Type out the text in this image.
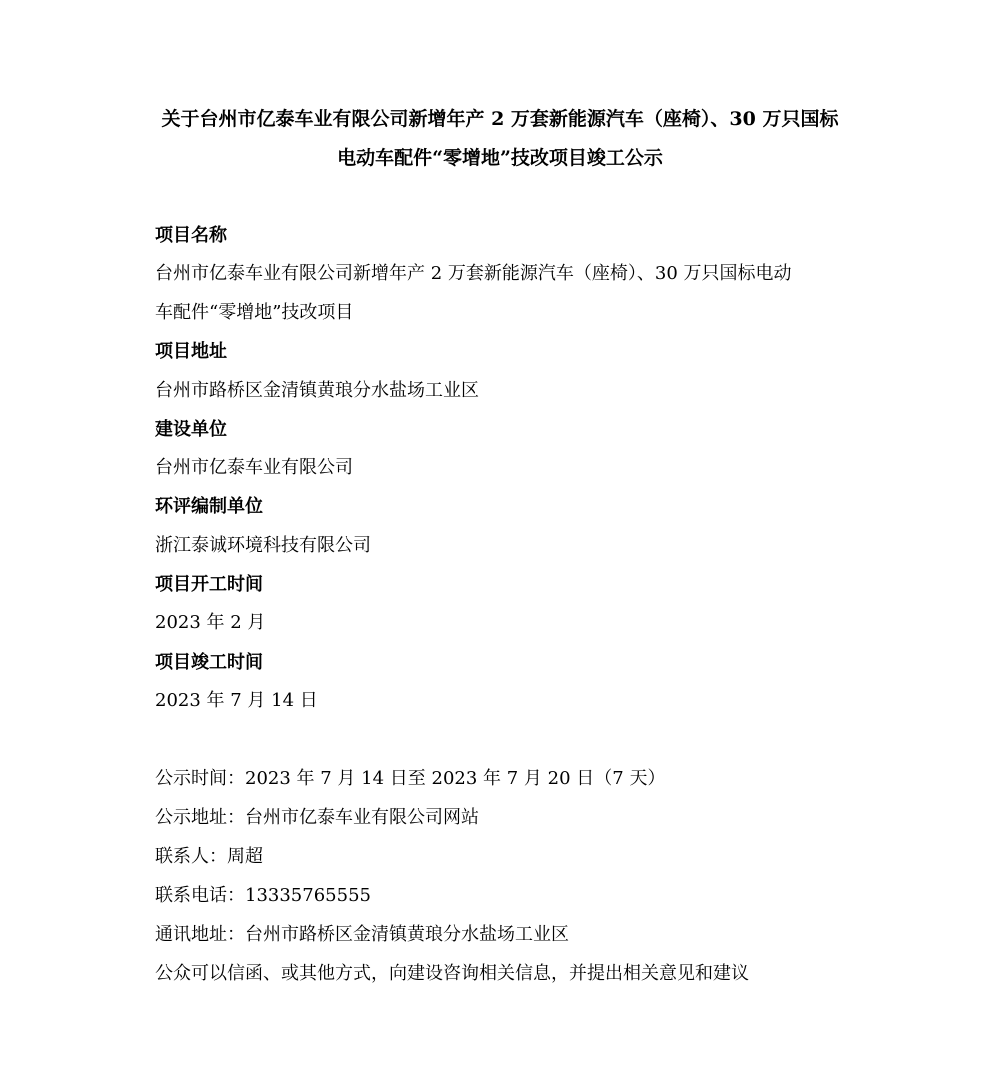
关于台州市亿泰车业有限公司新增年产 2 万套新能源汽车（座椅）、30 万只国标
电动车配件“零增地”技改项目竣工公示
项目名称
台州市亿泰车业有限公司新增年产 2 万套新能源汽车（座椅）、30 万只国标电动
车配件“零增地”技改项目
项目地址
台州市路桥区金清镇黄琅分水盐场工业区
建设单位
台州市亿泰车业有限公司
环评编制单位
浙江泰诚环境科技有限公司
项目开工时间
2023 年 2 月
项目竣工时间
2023 年 7 月 14 日
公示时间：2023 年 7 月 14 日至 2023 年 7 月 20 日（7 天）
公示地址：台州市亿泰车业有限公司网站
联系人：周超
联系电话：13335765555
通讯地址：台州市路桥区金清镇黄琅分水盐场工业区
公众可以信函、或其他方式，向建设咨询相关信息，并提出相关意见和建议
